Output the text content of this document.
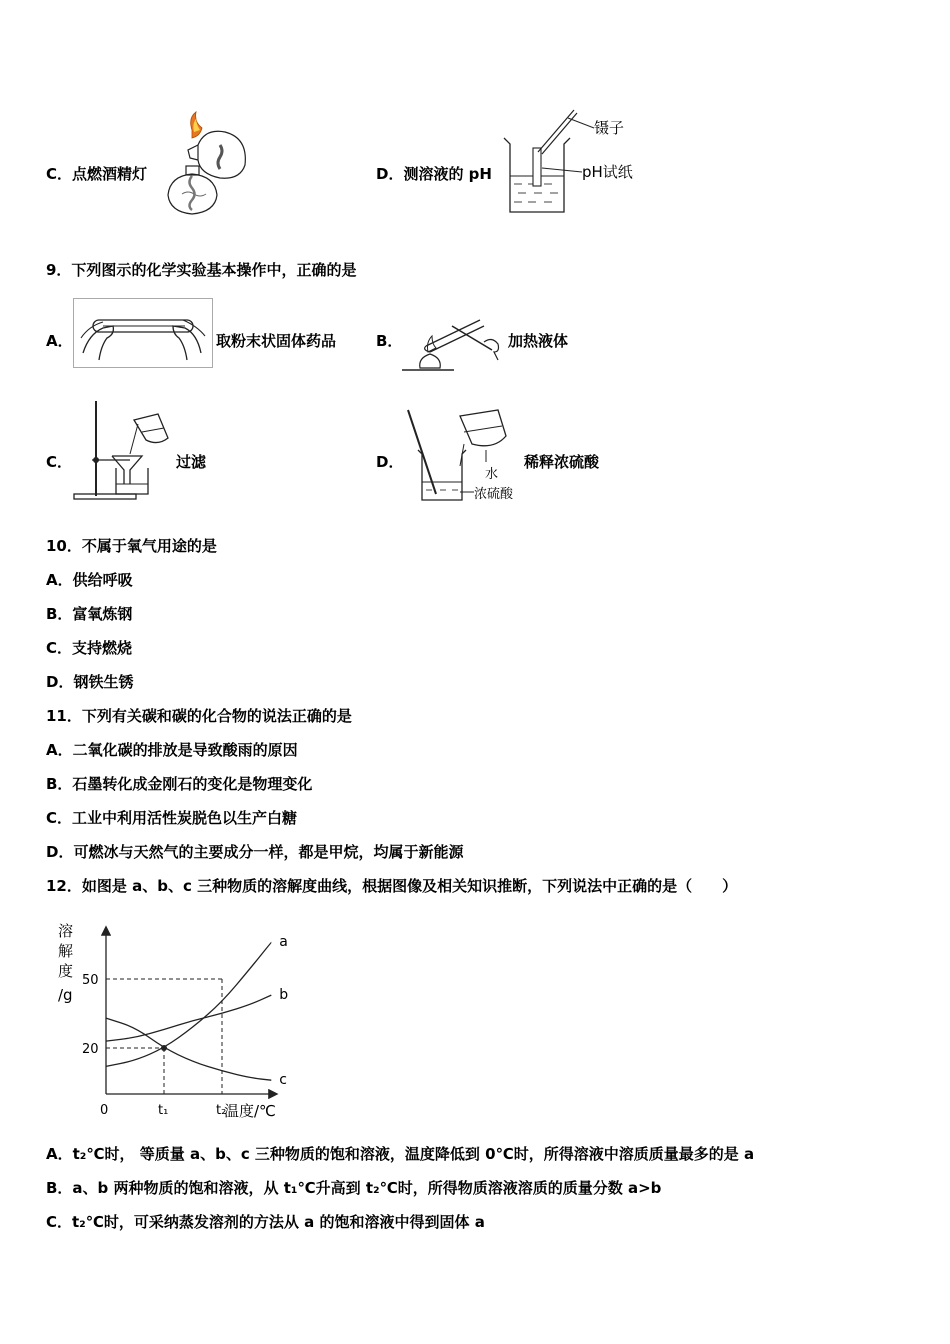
C．点燃酒精灯	D．测溶液的 pH
镊子
pH试纸
9．下列图示的化学实验基本操作中，正确的是
A．	取粉末状固体药品	B．	加热液体
C．	过滤	D．
水
浓硫酸
稀释浓硫酸
10．不属于氧气用途的是
A．供给呼吸
B．富氧炼钢
C．支持燃烧
D．钢铁生锈
11．下列有关碳和碳的化合物的说法正确的是
A．二氧化碳的排放是导致酸雨的原因
B．石墨转化成金刚石的变化是物理变化
C．工业中利用活性炭脱色以生产白糖
D．可燃冰与天然气的主要成分一样，都是甲烷，均属于新能源
12．如图是 a、b、c 三种物质的溶解度曲线，根据图像及相关知识推断，下列说法中正确的是（　　）
溶
解
度
/g
温度/℃
a
b
c
0	t₁	t₂
20
50
A．t₂℃时， 等质量 a、b、c 三种物质的饱和溶液，温度降低到 0℃时，所得溶液中溶质质量最多的是 a
B．a、b 两种物质的饱和溶液，从 t₁℃升高到 t₂℃时，所得物质溶液溶质的质量分数 a>b
C．t₂℃时，可采纳蒸发溶剂的方法从 a 的饱和溶液中得到固体 a
